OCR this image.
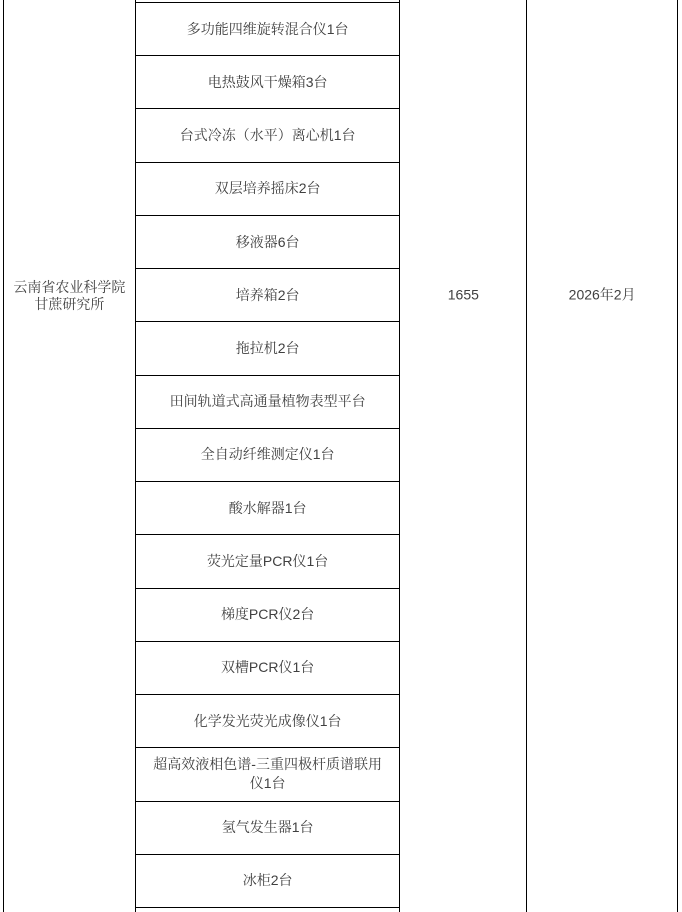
云南省农业科学院甘蔗研究所
多功能四维旋转混合仪1台
电热鼓风干燥箱3台
台式冷冻（水平）离心机1台
双层培养摇床2台
移液器6台
培养箱2台
拖拉机2台
田间轨道式高通量植物表型平台
全自动纤维测定仪1台
酸水解器1台
荧光定量PCR仪1台
梯度PCR仪2台
双槽PCR仪1台
化学发光荧光成像仪1台
超高效液相色谱-三重四极杆质谱联用仪1台
氢气发生器1台
冰柜2台
1655	2026年2月
